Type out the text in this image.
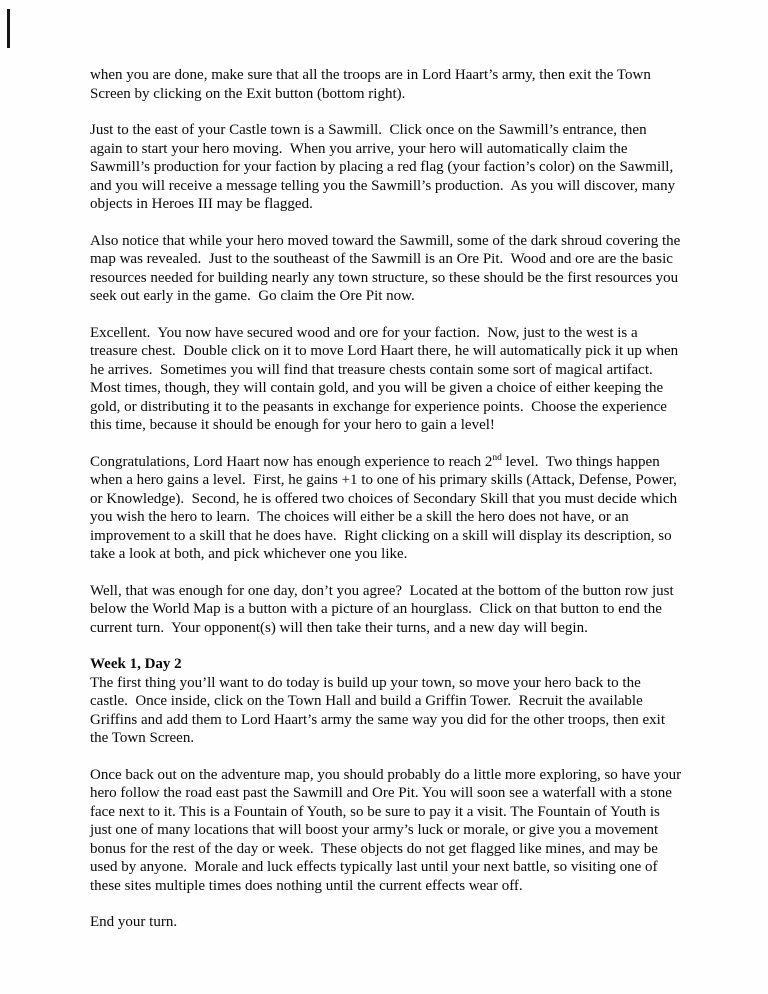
when you are done, make sure that all the troops are in Lord Haart’s army, then exit the Town Screen by clicking on the Exit button (bottom right).

Just to the east of your Castle town is a Sawmill.  Click once on the Sawmill’s entrance, then again to start your hero moving.  When you arrive, your hero will automatically claim the Sawmill’s production for your faction by placing a red flag (your faction’s color) on the Sawmill, and you will receive a message telling you the Sawmill’s production.  As you will discover, many objects in Heroes III may be flagged.

Also notice that while your hero moved toward the Sawmill, some of the dark shroud covering the map was revealed.  Just to the southeast of the Sawmill is an Ore Pit.  Wood and ore are the basic resources needed for building nearly any town structure, so these should be the first resources you seek out early in the game.  Go claim the Ore Pit now.

Excellent.  You now have secured wood and ore for your faction.  Now, just to the west is a treasure chest.  Double click on it to move Lord Haart there, he will automatically pick it up when he arrives.  Sometimes you will find that treasure chests contain some sort of magical artifact.  Most times, though, they will contain gold, and you will be given a choice of either keeping the gold, or distributing it to the peasants in exchange for experience points.  Choose the experience this time, because it should be enough for your hero to gain a level!

Congratulations, Lord Haart now has enough experience to reach 2nd level.  Two things happen when a hero gains a level.  First, he gains +1 to one of his primary skills (Attack, Defense, Power, or Knowledge).  Second, he is offered two choices of Secondary Skill that you must decide which you wish the hero to learn.  The choices will either be a skill the hero does not have, or an improvement to a skill that he does have.  Right clicking on a skill will display its description, so take a look at both, and pick whichever one you like.

Well, that was enough for one day, don’t you agree?  Located at the bottom of the button row just below the World Map is a button with a picture of an hourglass.  Click on that button to end the current turn.  Your opponent(s) will then take their turns, and a new day will begin.

Week 1, Day 2

The first thing you’ll want to do today is build up your town, so move your hero back to the castle.  Once inside, click on the Town Hall and build a Griffin Tower.  Recruit the available Griffins and add them to Lord Haart’s army the same way you did for the other troops, then exit the Town Screen.

Once back out on the adventure map, you should probably do a little more exploring, so have your hero follow the road east past the Sawmill and Ore Pit. You will soon see a waterfall with a stone face next to it. This is a Fountain of Youth, so be sure to pay it a visit. The Fountain of Youth is just one of many locations that will boost your army’s luck or morale, or give you a movement bonus for the rest of the day or week.  These objects do not get flagged like mines, and may be used by anyone.  Morale and luck effects typically last until your next battle, so visiting one of these sites multiple times does nothing until the current effects wear off.

End your turn.
